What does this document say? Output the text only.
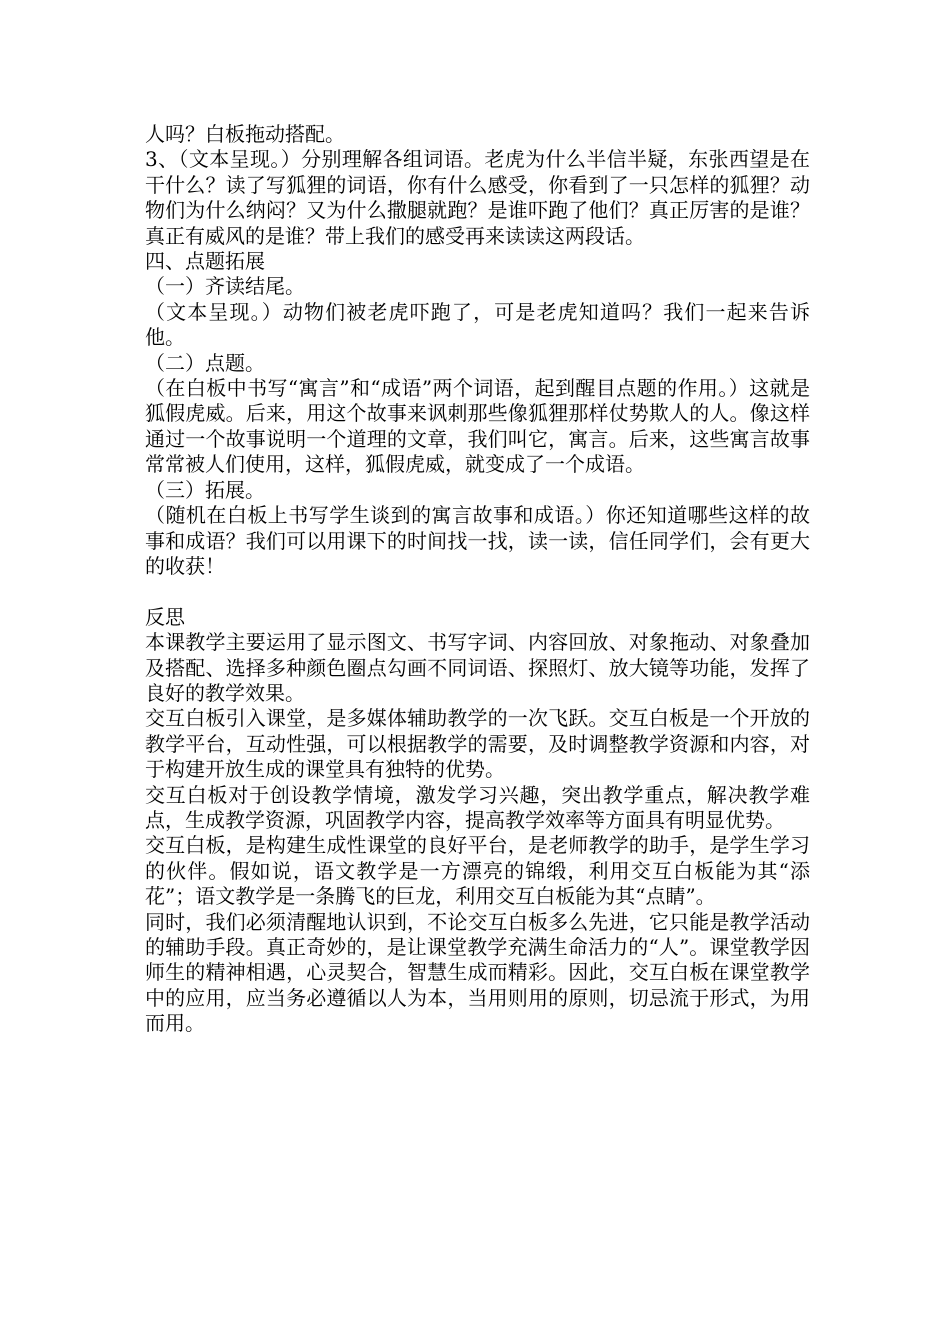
人吗？白板拖动搭配。

3、（文本呈现。）分别理解各组词语。老虎为什么半信半疑，东张西望是在干什么？读了写狐狸的词语，你有什么感受，你看到了一只怎样的狐狸？动物们为什么纳闷？又为什么撒腿就跑？是谁吓跑了他们？真正厉害的是谁？真正有威风的是谁？带上我们的感受再来读读这两段话。

四、点题拓展

（一）齐读结尾。

（文本呈现。）动物们被老虎吓跑了，可是老虎知道吗？我们一起来告诉他。

（二）点题。

（在白板中书写“寓言”和“成语”两个词语，起到醒目点题的作用。）这就是狐假虎威。后来，用这个故事来讽刺那些像狐狸那样仗势欺人的人。像这样通过一个故事说明一个道理的文章，我们叫它，寓言。后来，这些寓言故事常常被人们使用，这样，狐假虎威，就变成了一个成语。

（三）拓展。

（随机在白板上书写学生谈到的寓言故事和成语。）你还知道哪些这样的故事和成语？我们可以用课下的时间找一找，读一读，信任同学们，会有更大的收获！

反思

本课教学主要运用了显示图文、书写字词、内容回放、对象拖动、对象叠加及搭配、选择多种颜色圈点勾画不同词语、探照灯、放大镜等功能，发挥了良好的教学效果。

交互白板引入课堂，是多媒体辅助教学的一次飞跃。交互白板是一个开放的教学平台，互动性强，可以根据教学的需要，及时调整教学资源和内容，对于构建开放生成的课堂具有独特的优势。

交互白板对于创设教学情境，激发学习兴趣，突出教学重点，解决教学难点，生成教学资源，巩固教学内容，提高教学效率等方面具有明显优势。

交互白板，是构建生成性课堂的良好平台，是老师教学的助手，是学生学习的伙伴。假如说，语文教学是一方漂亮的锦缎，利用交互白板能为其“添花”；语文教学是一条腾飞的巨龙，利用交互白板能为其“点睛”。

同时，我们必须清醒地认识到，不论交互白板多么先进，它只能是教学活动的辅助手段。真正奇妙的，是让课堂教学充满生命活力的“人”。课堂教学因师生的精神相遇，心灵契合，智慧生成而精彩。因此，交互白板在课堂教学中的应用，应当务必遵循以人为本，当用则用的原则，切忌流于形式，为用而用。
